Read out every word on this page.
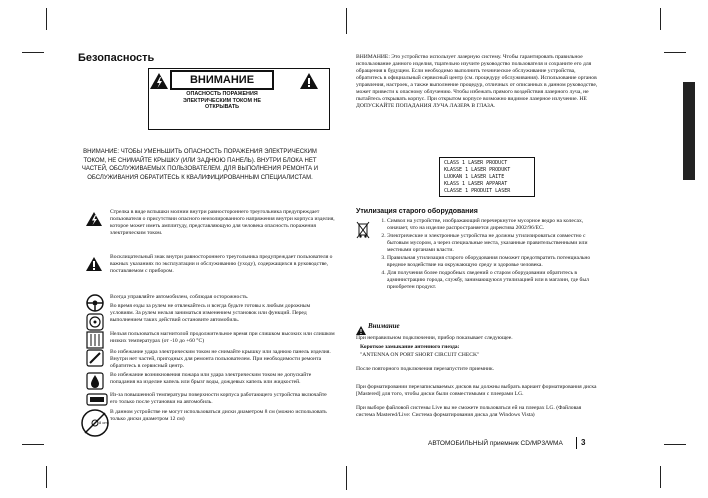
Безопасность
ВНИМАНИЕ
ОПАСНОСТЬ ПОРАЖЕНИЯ ЭЛЕКТРИЧЕСКИМ ТОКОМ НЕ ОТКРЫВАТЬ
ВНИМАНИЕ: ЧТОБЫ УМЕНЬШИТЬ ОПАСНОСТЬ ПОРАЖЕНИЯ ЭЛЕКТРИЧЕСКИМ ТОКОМ, НЕ СНИМАЙТЕ КРЫШКУ (ИЛИ ЗАДНЮЮ ПАНЕЛЬ). ВНУТРИ БЛОКА НЕТ ЧАСТЕЙ, ОБСЛУЖИВАЕМЫХ ПОЛЬЗОВАТЕЛЕМ. ДЛЯ ВЫПОЛНЕНИЯ РЕМОНТА И ОБСЛУЖИВАНИЯ ОБРАТИТЕСЬ К КВАЛИФИЦИРОВАННЫМ СПЕЦИАЛИСТАМ.
Стрелка в виде вспышки молнии внутри равностороннего треугольника предупреждает пользователя о присутствии опасного неизолированного напряжения внутри корпуса изделия, которое может иметь амплитуду, представляющую для человека опасность поражения электрическим током.
Восклицательный знак внутри равностороннего треугольника предупреждает пользователя о важных указаниях по эксплуатации и обслуживанию (уходу), содержащихся в руководстве, поставляемом с прибором.
Всегда управляйте автомобилем, соблюдая осторожность.
Во время езды за рулем не отвлекайтесь и всегда будьте готовы к любым дорожным условиям. За рулем нельзя заниматься изменением установок или функций. Перед выполнением таких действий остановите автомобиль.
Нельзя пользоваться магнитолой продолжительное время при слишком высоких или слишком низких температурах (от -10 до +60 °С)
Во избежание удара электрическим током не снимайте крышку или заднюю панель изделия. Внутри нет частей, пригодных для ремонта пользователем. При необходимости ремонта обратитесь в сервисный центр.
Во избежание возникновения пожара или удара электрическим током не допускайте попадания на изделие капель или брызг воды, дождевых капель или жидкостей.
Из-за повышенной температуры поверхности корпуса работающего устройства включайте его только после установки на автомобиль.
8 cm
В данном устройстве не могут использоваться диски диаметром 8 см (можно использовать только диски диаметром 12 см)
ВНИМАНИЕ: Это устройство использует лазерную систему. Чтобы гарантировать правильное использование данного изделия, тщательно изучите руководство пользователя и сохраните его для обращения в будущем. Если необходимо выполнить техническое обслуживание устройства, обратитесь в официальный сервисный центр (см. процедуру обслуживания). Использование органов управления, настроек, а также выполнение процедур, отличных от описанных в данном руководстве, может привести к опасному облучению. Чтобы избежать прямого воздействия лазерного луча, не пытайтесь открывать корпус. При открытом корпусе возможно видимое лазерное излучение. НЕ ДОПУСКАЙТЕ ПОПАДАНИЯ ЛУЧА ЛАЗЕРА В ГЛАЗА.
CLASS 1 LASER PRODUCT
KLASSE 1 LASER PRODUKT
LUOKAN 1 LASER LAITE
KLASS 1 LASER APPARAT
CLASSE 1 PRODUIT LASER
Утилизация старого оборудования
1. Символ на устройстве, изображающий перечеркнутое мусорное ведро на колесах, означает, что на изделие распространяется директива 2002/96/EC.
2. Электрические и электронные устройства не должны утилизироваться совместно с бытовым мусором, а через специальные места, указанные правительственными или местными органами власти.
3. Правильная утилизация старого оборудования поможет предотвратить потенциально вредное воздействие на окружающую среду и здоровье человека.
4. Для получения более подробных сведений о старом оборудовании обратитесь в администрацию города, службу, занимающуюся утилизацией или в магазин, где был приобретен продукт.
Внимание
При неправильном подключении, прибор показывает следующее.
Короткое замыкание антенного гнезда:
"ANTENNA ON PORT SHORT CIRCUIT CHECK"
После повторного подключения перезапустите приемник.
При форматировании перезаписываемых дисков вы должны выбрать вариант форматирования диска [Mastered] для того, чтобы диски были совместимыми с плеерами LG.
При выборе файловой системы Live вы не сможете пользоваться ей на плеерах LG. (Файловая система Mastered/Live: Система форматирования диска для Windows Vista)
АВТОМОБИЛЬНЫЙ приемник CD/MP3/WMA 3
